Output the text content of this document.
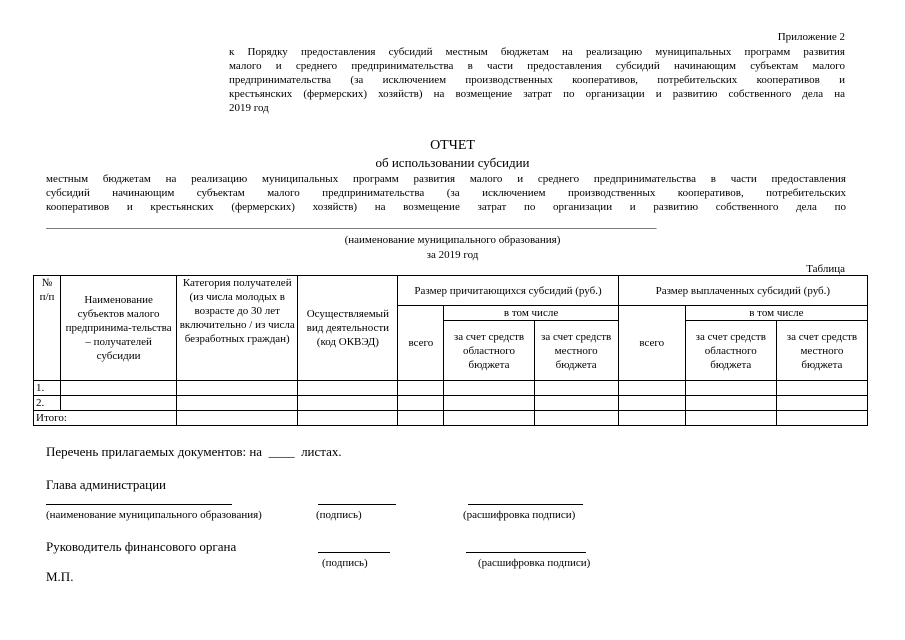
Приложение 2
к Порядку предоставления субсидий местным бюджетам на реализацию муниципальных программ развития
малого и среднего предпринимательства в части предоставления субсидий начинающим субъектам малого
предпринимательства (за исключением производственных кооперативов, потребительских кооперативов и
крестьянских (фермерских) хозяйств) на возмещение затрат по организации и развитию собственного дела на
2019 год
ОТЧЕТ
об использовании субсидии
местным бюджетам на реализацию муниципальных программ развития малого и среднего предпринимательства в части предоставления
субсидий начинающим субъектам малого предпринимательства (за исключением производственных кооперативов, потребительских
кооперативов и крестьянских (фермерских) хозяйств) на возмещение затрат по организации и развитию собственного дела по
_______________________________________________________________________________________________________________
(наименование муниципального образования)
за 2019 год
Таблица
№ п/п	Наименование субъектов малого предпринима-тельства – получателей субсидии	Категория получателей (из числа молодых в возрасте до 30 лет включительно / из числа безработных граждан)	Осуществляемый вид деятельности (код ОКВЭД)	Размер причитающихся субсидий (руб.)			Размер выплаченных субсидий (руб.)		
				всего	в том числе		всего	в том числе	
					за счет средств областного бюджета	за счет средств местного бюджета		за счет средств областного бюджета	за счет средств местного бюджета
1.									
2.									
Итого:									
Перечень прилагаемых документов: на  ____  листах.
Глава администрации
(наименование муниципального образования)	(подпись)	(расшифровка подписи)
Руководитель финансового органа
(подпись)	(расшифровка подписи)
М.П.
